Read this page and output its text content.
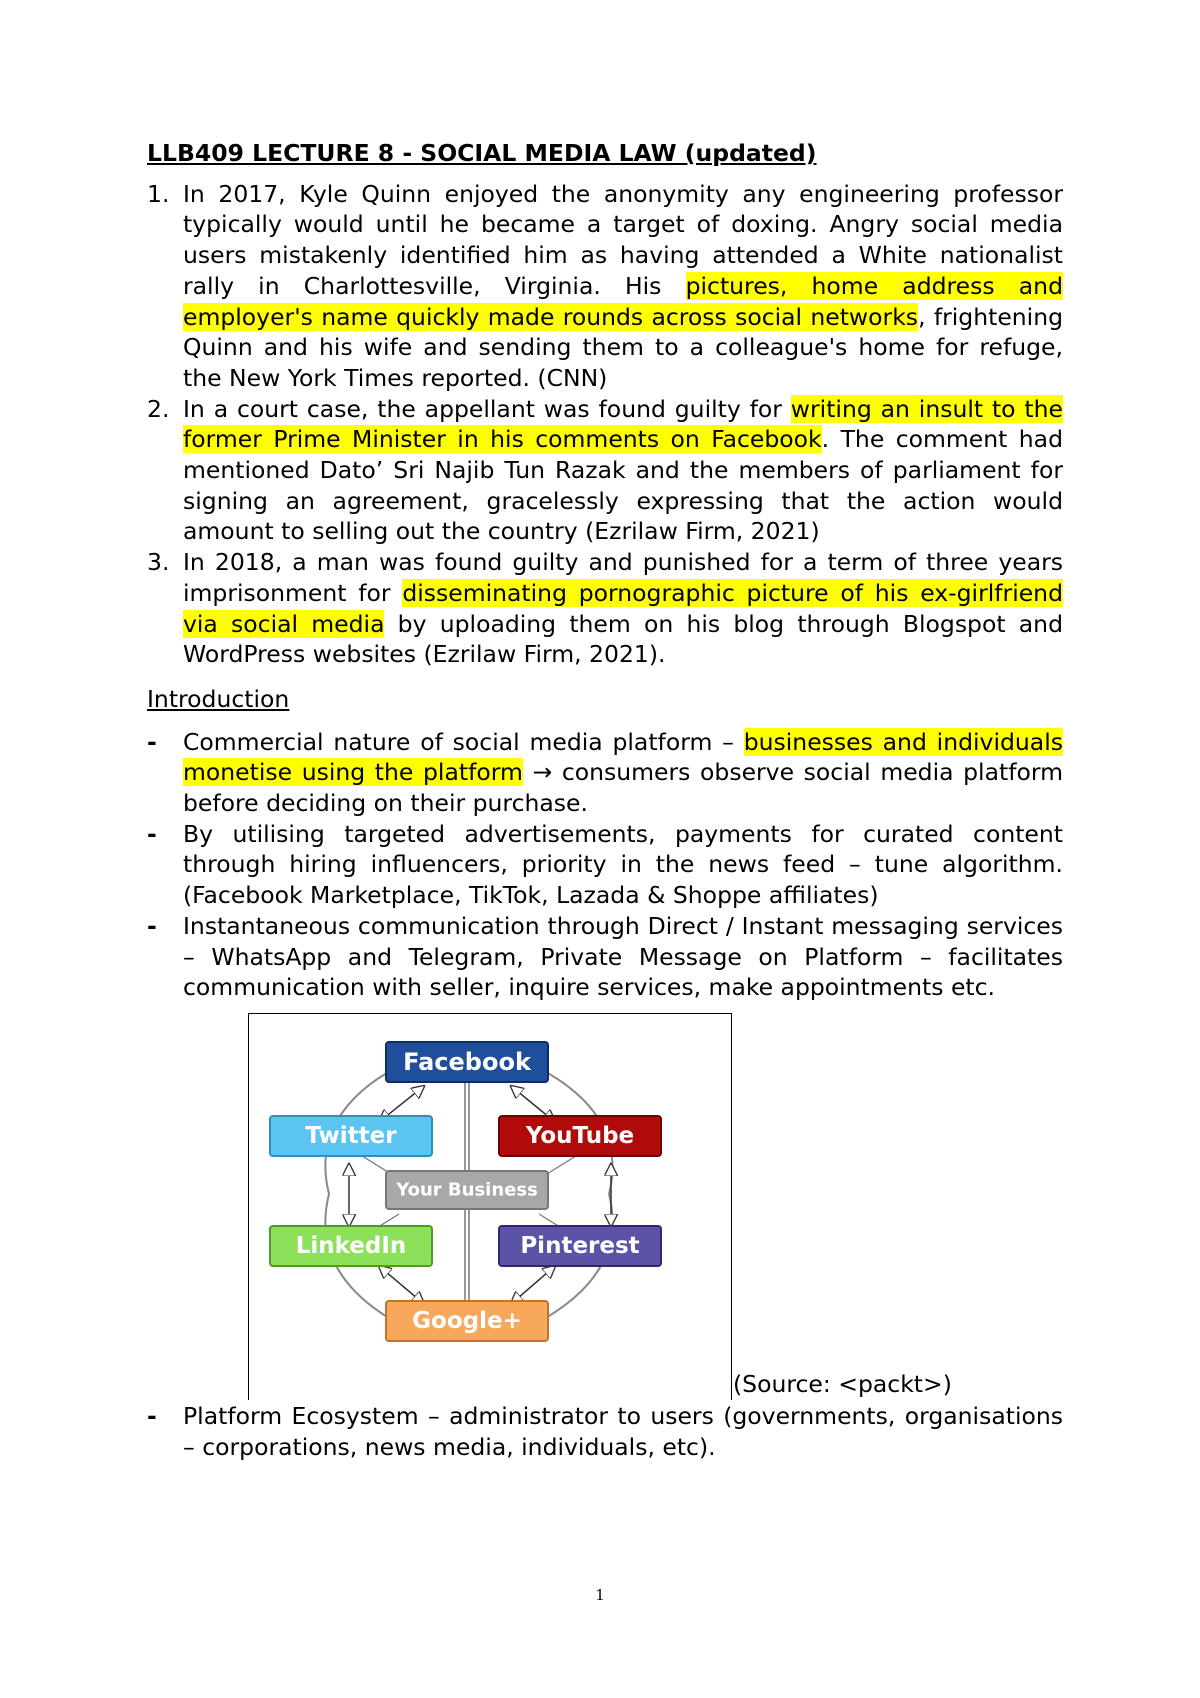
LLB409 LECTURE 8 - SOCIAL MEDIA LAW (updated)
1. In 2017, Kyle Quinn enjoyed the anonymity any engineering professor typically would until he became a target of doxing. Angry social media users mistakenly identified him as having attended a White nationalist rally in Charlottesville, Virginia. His pictures, home address and employer's name quickly made rounds across social networks, frightening Quinn and his wife and sending them to a colleague's home for refuge, the New York Times reported. (CNN)
2. In a court case, the appellant was found guilty for writing an insult to the former Prime Minister in his comments on Facebook. The comment had mentioned Dato’ Sri Najib Tun Razak and the members of parliament for signing an agreement, gracelessly expressing that the action would amount to selling out the country (Ezrilaw Firm, 2021)
3. In 2018, a man was found guilty and punished for a term of three years imprisonment for disseminating pornographic picture of his ex-girlfriend via social media by uploading them on his blog through Blogspot and WordPress websites (Ezrilaw Firm, 2021).
Introduction
- Commercial nature of social media platform – businesses and individuals monetise using the platform → consumers observe social media platform before deciding on their purchase.
- By utilising targeted advertisements, payments for curated content through hiring influencers, priority in the news feed – tune algorithm. (Facebook Marketplace, TikTok, Lazada & Shoppe affiliates)
- Instantaneous communication through Direct / Instant messaging services – WhatsApp and Telegram, Private Message on Platform – facilitates communication with seller, inquire services, make appointments etc.
Facebook
Twitter	YouTube
Your Business
LinkedIn	Pinterest
Google+
(Source: <packt>)
- Platform Ecosystem – administrator to users (governments, organisations – corporations, news media, individuals, etc).
1
